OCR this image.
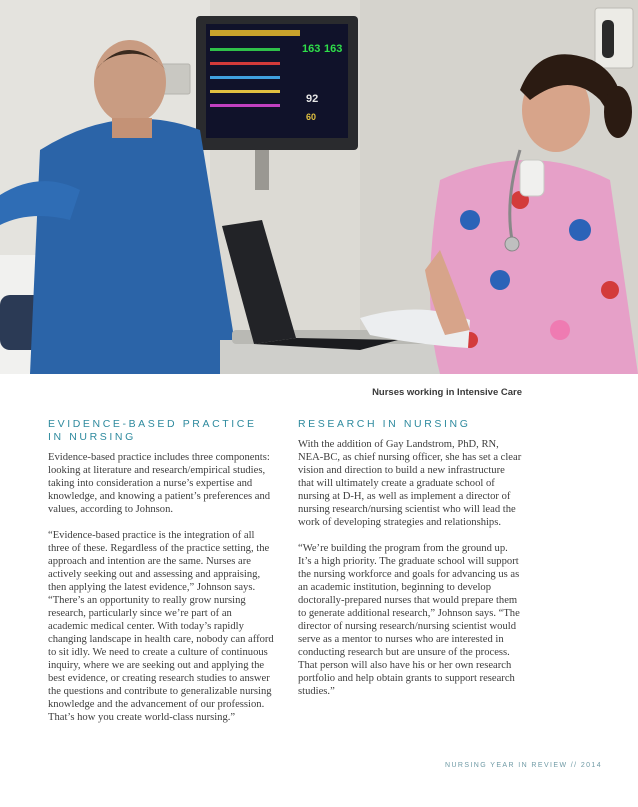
163 163
92
60
Nurses working in Intensive Care
EVIDENCE-BASED PRACTICE
IN NURSING

Evidence-based practice includes three components: looking at literature and research/empirical studies, taking into consideration a nurse’s expertise and knowledge, and knowing a patient’s preferences and values, according to Johnson.

“Evidence-based practice is the integration of all three of these. Regardless of the practice setting, the approach and intention are the same. Nurses are actively seeking out and assessing and appraising, then applying the latest evidence,” Johnson says. “There’s an opportunity to really grow nursing research, particularly since we’re part of an academic medical center. With today’s rapidly changing landscape in health care, nobody can afford to sit idly. We need to create a culture of continuous inquiry, where we are seeking out and applying the best evidence, or creating research studies to answer the questions and contribute to generalizable nursing knowledge and the advancement of our profession. That’s how you create world-class nursing.”

RESEARCH IN NURSING

With the addition of Gay Landstrom, PhD, RN, NEA-BC, as chief nursing officer, she has set a clear vision and direction to build a new infrastructure that will ultimately create a graduate school of nursing at D-H, as well as implement a director of nursing research/nursing scientist who will lead the work of developing strategies and relationships.

“We’re building the program from the ground up. It’s a high priority. The graduate school will support the nursing workforce and goals for advancing us as an academic institution, beginning to develop doctorally-prepared nurses that would prepare them to generate additional research,” Johnson says. “The director of nursing research/nursing scientist would serve as a mentor to nurses who are interested in conducting research but are unsure of the process. That person will also have his or her own research portfolio and help obtain grants to support research studies.”

NURSING YEAR IN REVIEW // 2014
